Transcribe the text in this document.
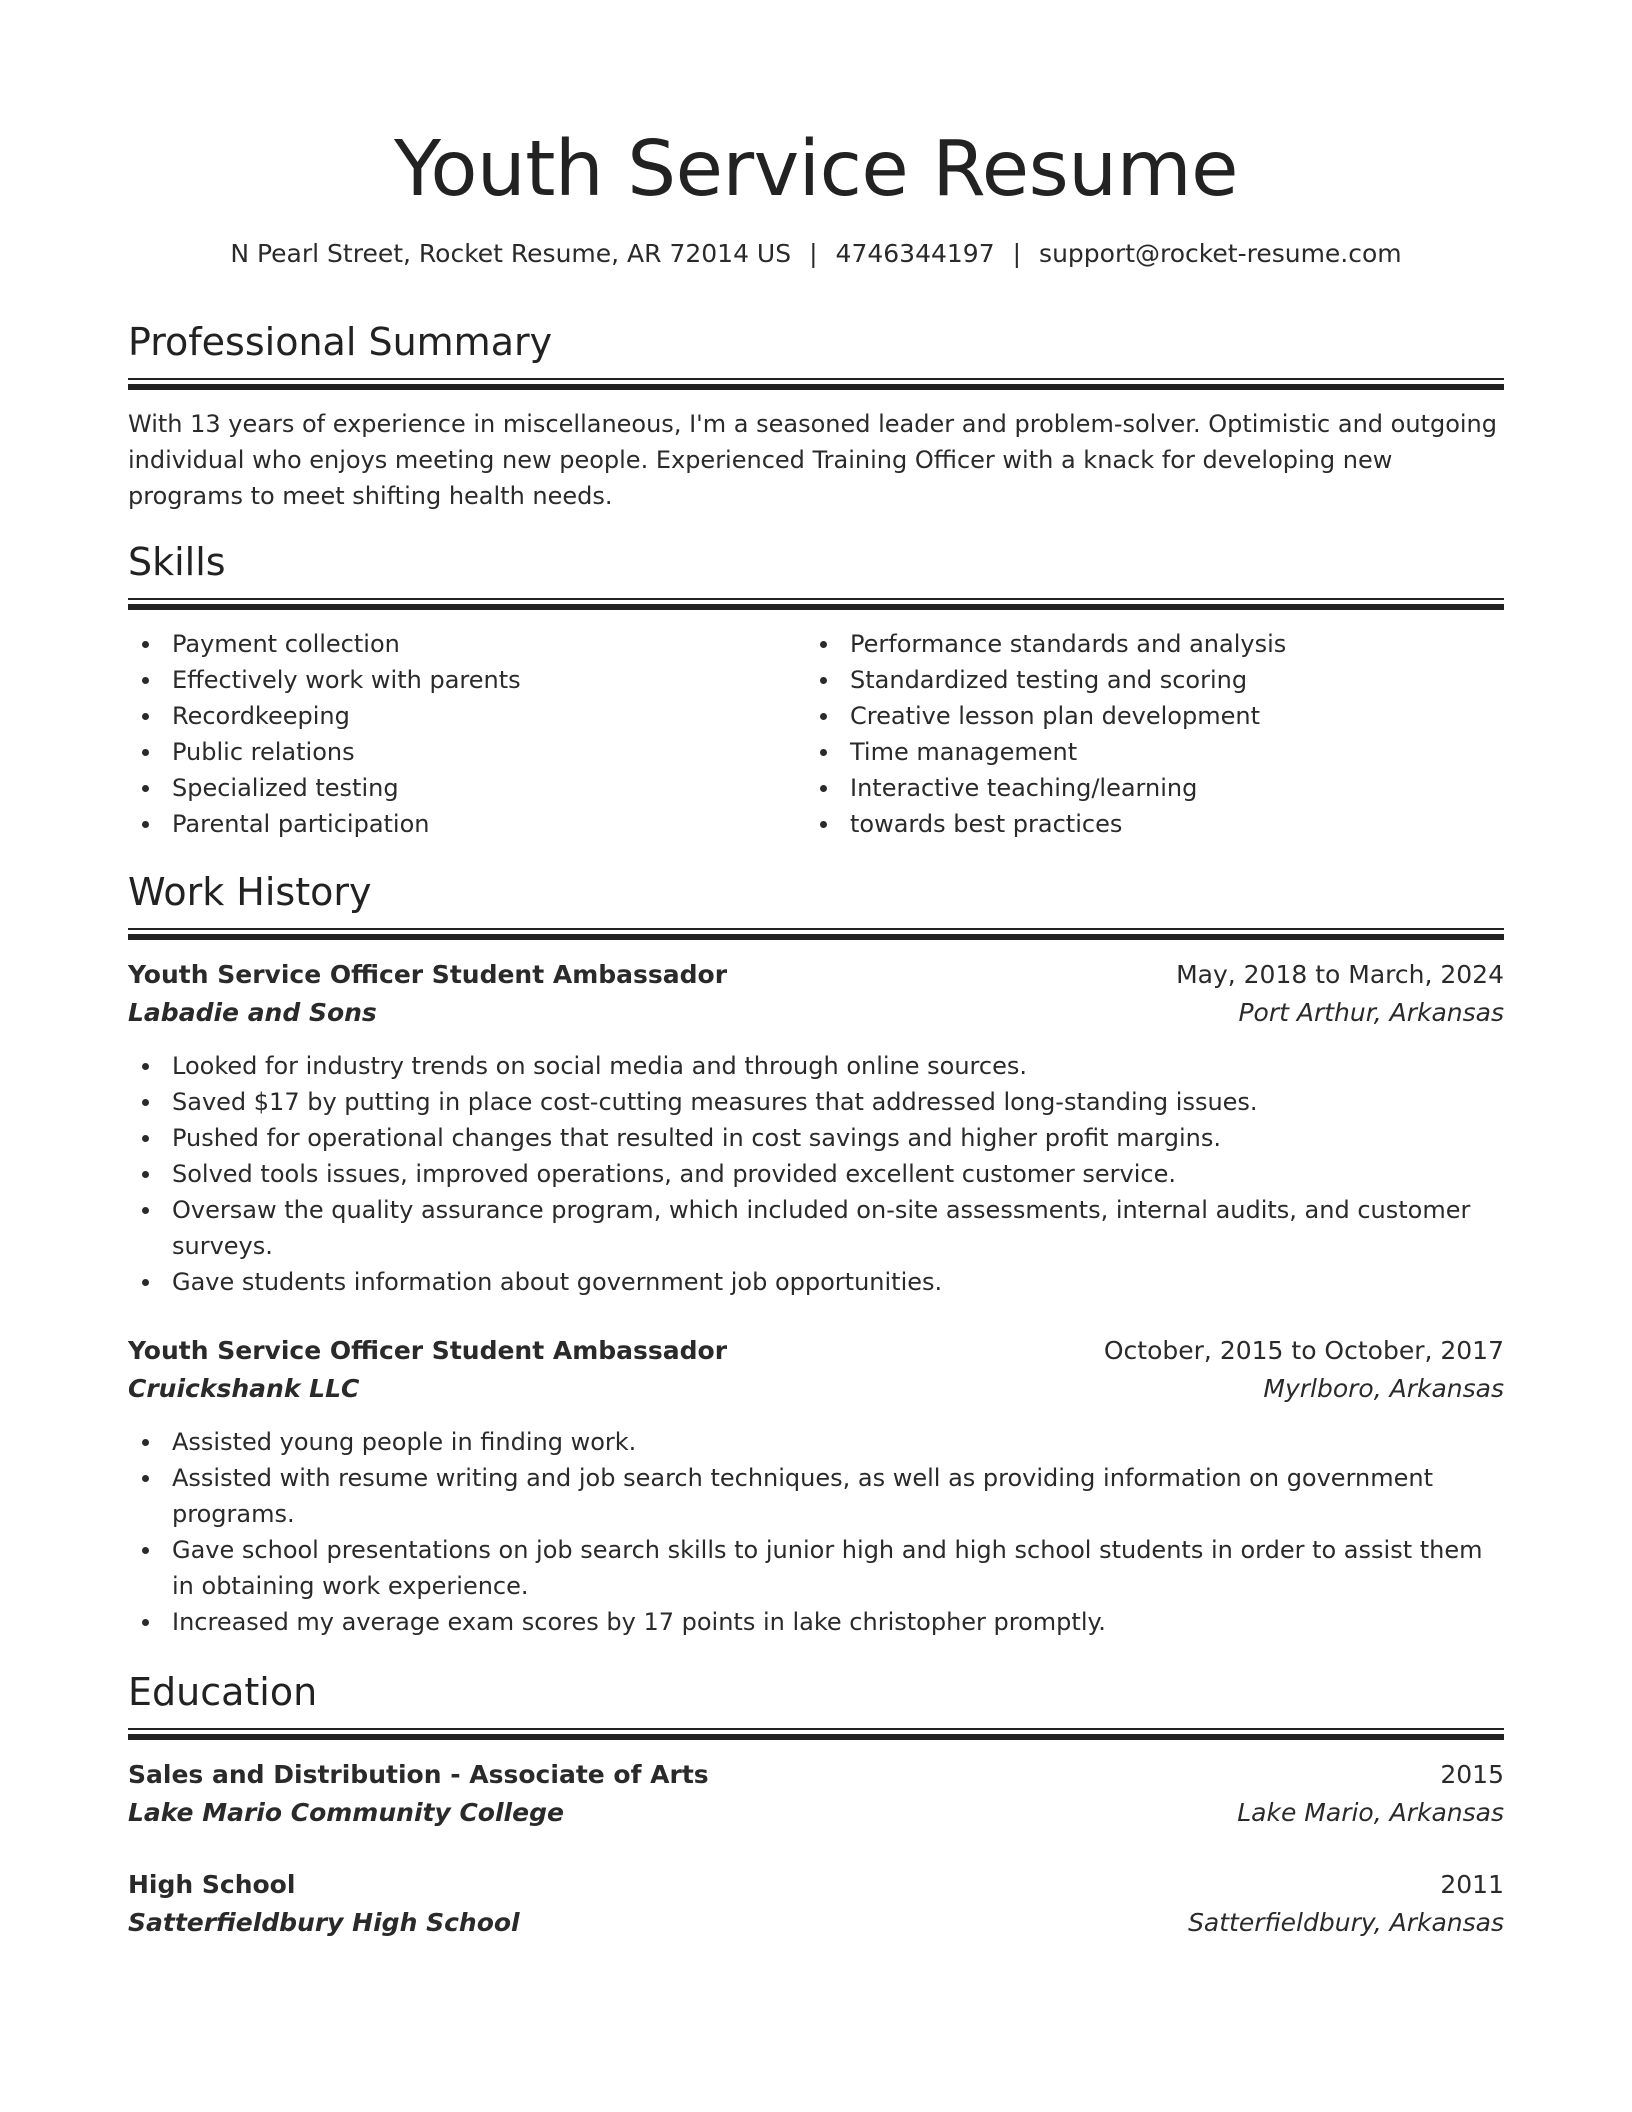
Youth Service Resume
N Pearl Street, Rocket Resume, AR 72014 US | 4746344197 | support@rocket-resume.com
Professional Summary

With 13 years of experience in miscellaneous, I'm a seasoned leader and problem-solver. Optimistic and outgoing individual who enjoys meeting new people. Experienced Training Officer with a knack for developing new programs to meet shifting health needs.

Skills
Payment collection
Effectively work with parents
Recordkeeping
Public relations
Specialized testing
Parental participation
Performance standards and analysis
Standardized testing and scoring
Creative lesson plan development
Time management
Interactive teaching/learning
towards best practices
Work History
Youth Service Officer Student Ambassador	May, 2018 to March, 2024
Labadie and Sons	Port Arthur, Arkansas
Looked for industry trends on social media and through online sources.
Saved $17 by putting in place cost-cutting measures that addressed long-standing issues.
Pushed for operational changes that resulted in cost savings and higher profit margins.
Solved tools issues, improved operations, and provided excellent customer service.
Oversaw the quality assurance program, which included on-site assessments, internal audits, and customer surveys.
Gave students information about government job opportunities.
Youth Service Officer Student Ambassador	October, 2015 to October, 2017
Cruickshank LLC	Myrlboro, Arkansas
Assisted young people in finding work.
Assisted with resume writing and job search techniques, as well as providing information on government programs.
Gave school presentations on job search skills to junior high and high school students in order to assist them in obtaining work experience.
Increased my average exam scores by 17 points in lake christopher promptly.
Education
Sales and Distribution - Associate of Arts	2015
Lake Mario Community College	Lake Mario, Arkansas
High School	2011
Satterfieldbury High School	Satterfieldbury, Arkansas
